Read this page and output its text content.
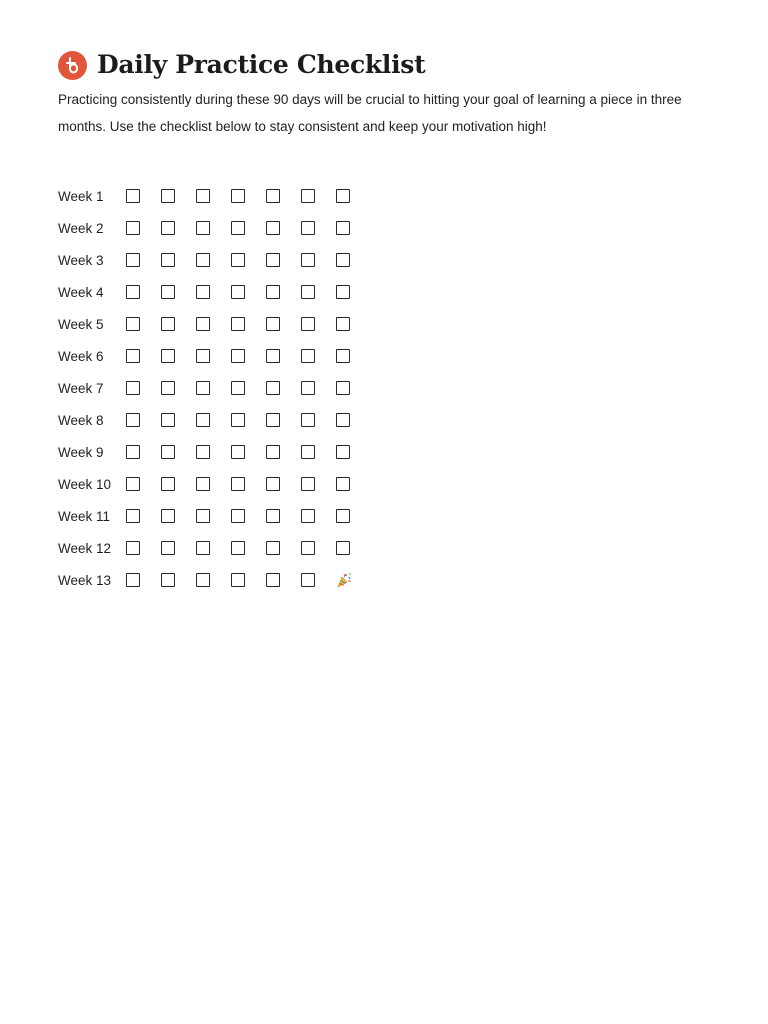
Daily Practice Checklist
Practicing consistently during these 90 days will be crucial to hitting your goal of learning a piece in three
months. Use the checklist below to stay consistent and keep your motivation high!
Week 1
Week 2
Week 3
Week 4
Week 5
Week 6
Week 7
Week 8
Week 9
Week 10
Week 11
Week 12
Week 13
